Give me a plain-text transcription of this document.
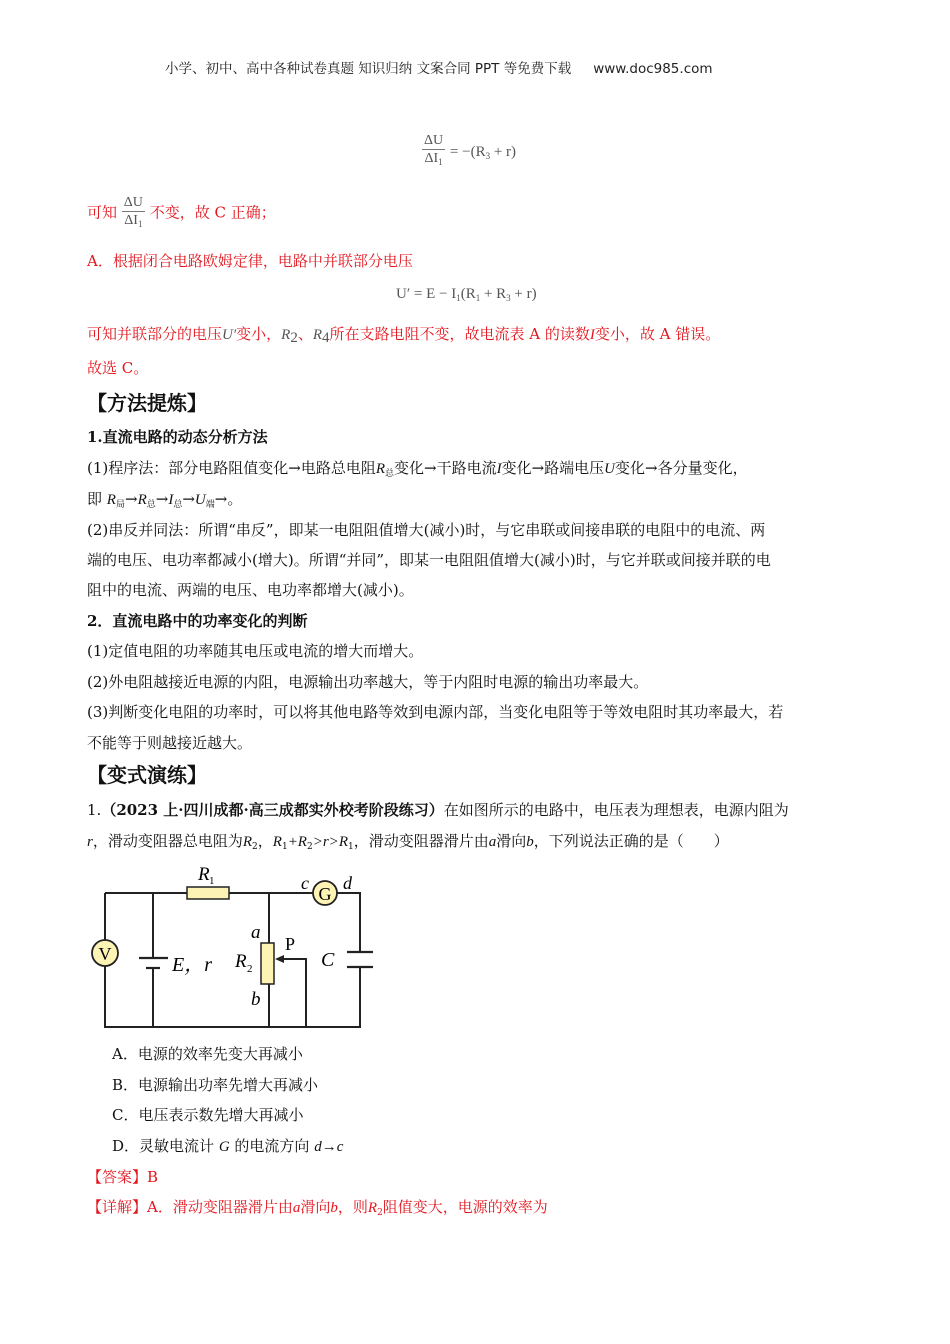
小学、初中、高中各种试卷真题 知识归纳 文案合同 PPT 等免费下载 www.doc985.com
$\frac{\Delta U}{\Delta I_1} = -(R_3 + r)$
可知 $\frac{\Delta U}{\Delta I_1}$ 不变，故 C 正确；
A．根据闭合电路欧姆定律，电路中并联部分电压
$U' = E - I_1(R_1 + R_3 + r)$
可知并联部分的电压U′变小，$R_2$、$R_4$所在支路电阻不变，故电流表 A 的读数I变小，故 A 错误。
故选 C。
【方法提炼】
1.直流电路的动态分析方法
(1)程序法：部分电路阻值变化→电路总电阻$R_总$变化→干路电流I变化→路端电压U变化→各分量变化，
即 $R_局\to R_总\to I_总\to U_端\to$。
(2)串反并同法：所谓“串反”，即某一电阻阻值增大(减小)时，与它串联或间接串联的电阻中的电流、两
端的电压、电功率都减小(增大)。所谓“并同”，即某一电阻阻值增大(减小)时，与它并联或间接并联的电
阻中的电流、两端的电压、电功率都增大(减小)。
2．直流电路中的功率变化的判断
(1)定值电阻的功率随其电压或电流的增大而增大。
(2)外电阻越接近电源的内阻，电源输出功率越大，等于内阻时电源的输出功率最大。
(3)判断变化电阻的功率时，可以将其他电路等效到电源内部，当变化电阻等于等效电阻时其功率最大，若
不能等于则越接近越大。
【变式演练】
1.（2023 上·四川成都·高三成都实外校考阶段练习）在如图所示的电路中，电压表为理想表，电源内阻为
r，滑动变阻器总电阻为$R_2$，$R_1+R_2>r>R_1$，滑动变阻器滑片由a滑向b，下列说法正确的是（　　）
V
G
R 1	c d
E，r R 2
a
b
P
C
A．电源的效率先变大再减小
B．电源输出功率先增大再减小
C．电压表示数先增大再减小
D．灵敏电流计 G 的电流方向 d→c
【答案】B
【详解】A．滑动变阻器滑片由a滑向b，则$R_2$阻值变大，电源的效率为
